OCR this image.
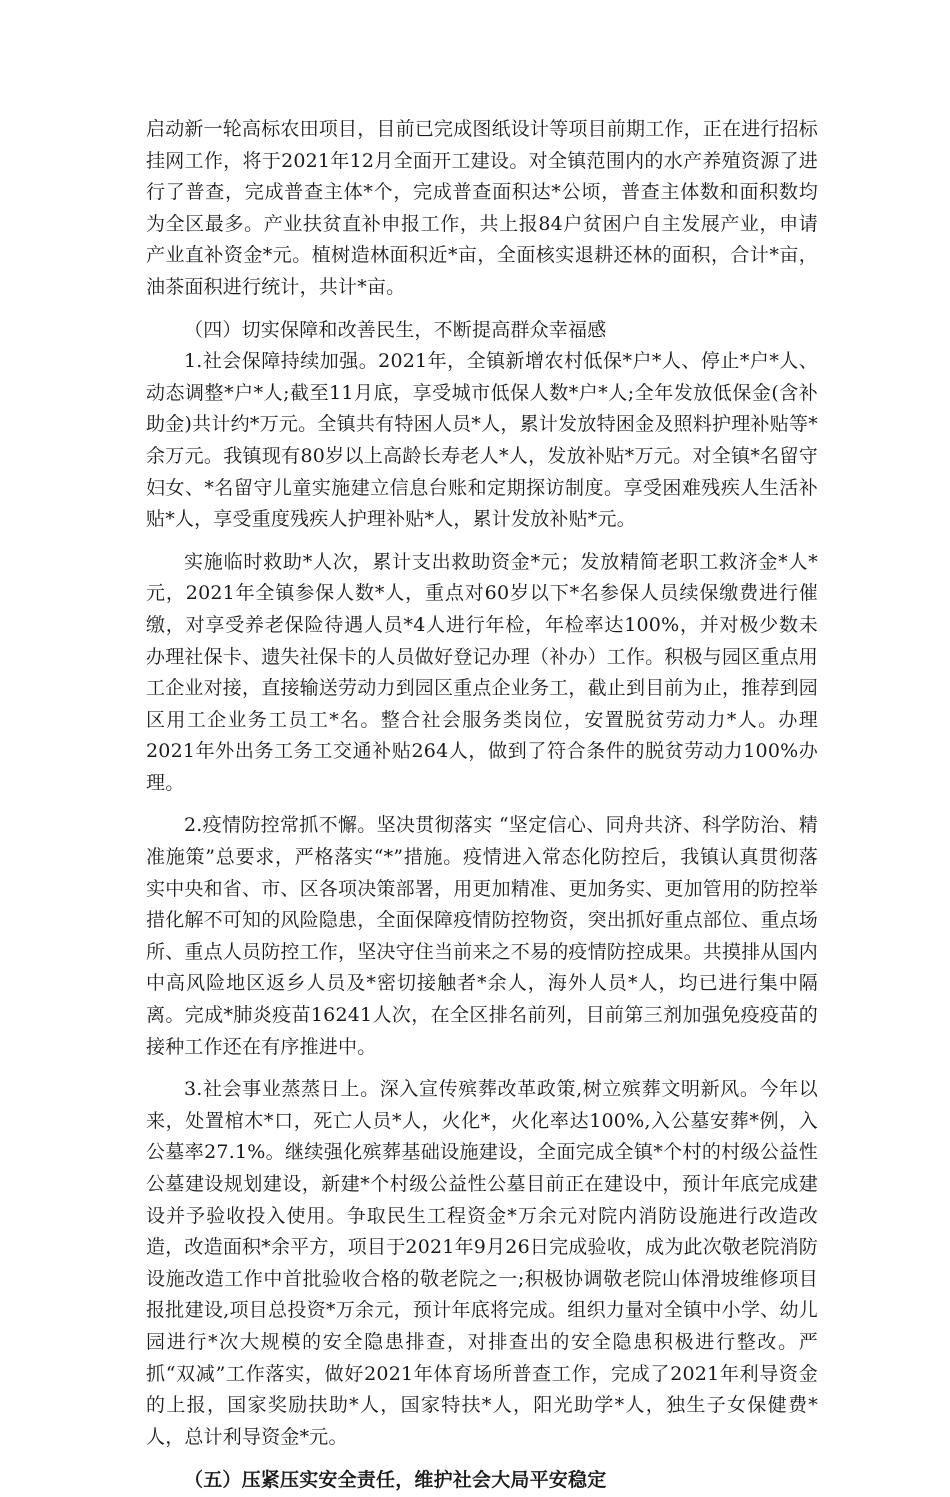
启动新一轮高标农田项目，目前已完成图纸设计等项目前期工作，正在进行招标挂网工作，将于2021年12月全面开工建设。对全镇范围内的水产养殖资源了进行了普查，完成普查主体*个，完成普查面积达*公顷，普查主体数和面积数均为全区最多。产业扶贫直补申报工作，共上报84户贫困户自主发展产业，申请产业直补资金*元。植树造林面积近*亩，全面核实退耕还林的面积，合计*亩，油茶面积进行统计，共计*亩。

（四）切实保障和改善民生，不断提高群众幸福感

1.社会保障持续加强。2021年，全镇新增农村低保*户*人、停止*户*人、动态调整*户*人;截至11月底，享受城市低保人数*户*人;全年发放低保金(含补助金)共计约*万元。全镇共有特困人员*人，累计发放特困金及照料护理补贴等*余万元。我镇现有80岁以上高龄长寿老人*人，发放补贴*万元。对全镇*名留守妇女、*名留守儿童实施建立信息台账和定期探访制度。享受困难残疾人生活补贴*人，享受重度残疾人护理补贴*人，累计发放补贴*元。

实施临时救助*人次，累计支出救助资金*元；发放精简老职工救济金*人*元，2021年全镇参保人数*人，重点对60岁以下*名参保人员续保缴费进行催缴，对享受养老保险待遇人员*4人进行年检，年检率达100%，并对极少数未办理社保卡、遗失社保卡的人员做好登记办理（补办）工作。积极与园区重点用工企业对接，直接输送劳动力到园区重点企业务工，截止到目前为止，推荐到园区用工企业务工员工*名。整合社会服务类岗位，安置脱贫劳动力*人。办理2021年外出务工务工交通补贴264人，做到了符合条件的脱贫劳动力100%办理。

2.疫情防控常抓不懈。坚决贯彻落实 “坚定信心、同舟共济、科学防治、精准施策”总要求，严格落实“*”措施。疫情进入常态化防控后，我镇认真贯彻落实中央和省、市、区各项决策部署，用更加精准、更加务实、更加管用的防控举措化解不可知的风险隐患，全面保障疫情防控物资，突出抓好重点部位、重点场所、重点人员防控工作，坚决守住当前来之不易的疫情防控成果。共摸排从国内中高风险地区返乡人员及*密切接触者*余人，海外人员*人，均已进行集中隔离。完成*肺炎疫苗16241人次，在全区排名前列，目前第三剂加强免疫疫苗的接种工作还在有序推进中。

3.社会事业蒸蒸日上。深入宣传殡葬改革政策,树立殡葬文明新风。今年以来，处置棺木*口，死亡人员*人，火化*，火化率达100%,入公墓安葬*例，入公墓率27.1%。继续强化殡葬基础设施建设，全面完成全镇*个村的村级公益性公墓建设规划建设，新建*个村级公益性公墓目前正在建设中，预计年底完成建设并予验收投入使用。争取民生工程资金*万余元对院内消防设施进行改造改造，改造面积*余平方，项目于2021年9月26日完成验收，成为此次敬老院消防设施改造工作中首批验收合格的敬老院之一;积极协调敬老院山体滑坡维修项目报批建设,项目总投资*万余元，预计年底将完成。组织力量对全镇中小学、幼儿园进行*次大规模的安全隐患排查，对排查出的安全隐患积极进行整改。严抓“双减”工作落实，做好2021年体育场所普查工作，完成了2021年利导资金的上报，国家奖励扶助*人，国家特扶*人，阳光助学*人，独生子女保健费*人，总计利导资金*元。

（五）压紧压实安全责任，维护社会大局平安稳定
